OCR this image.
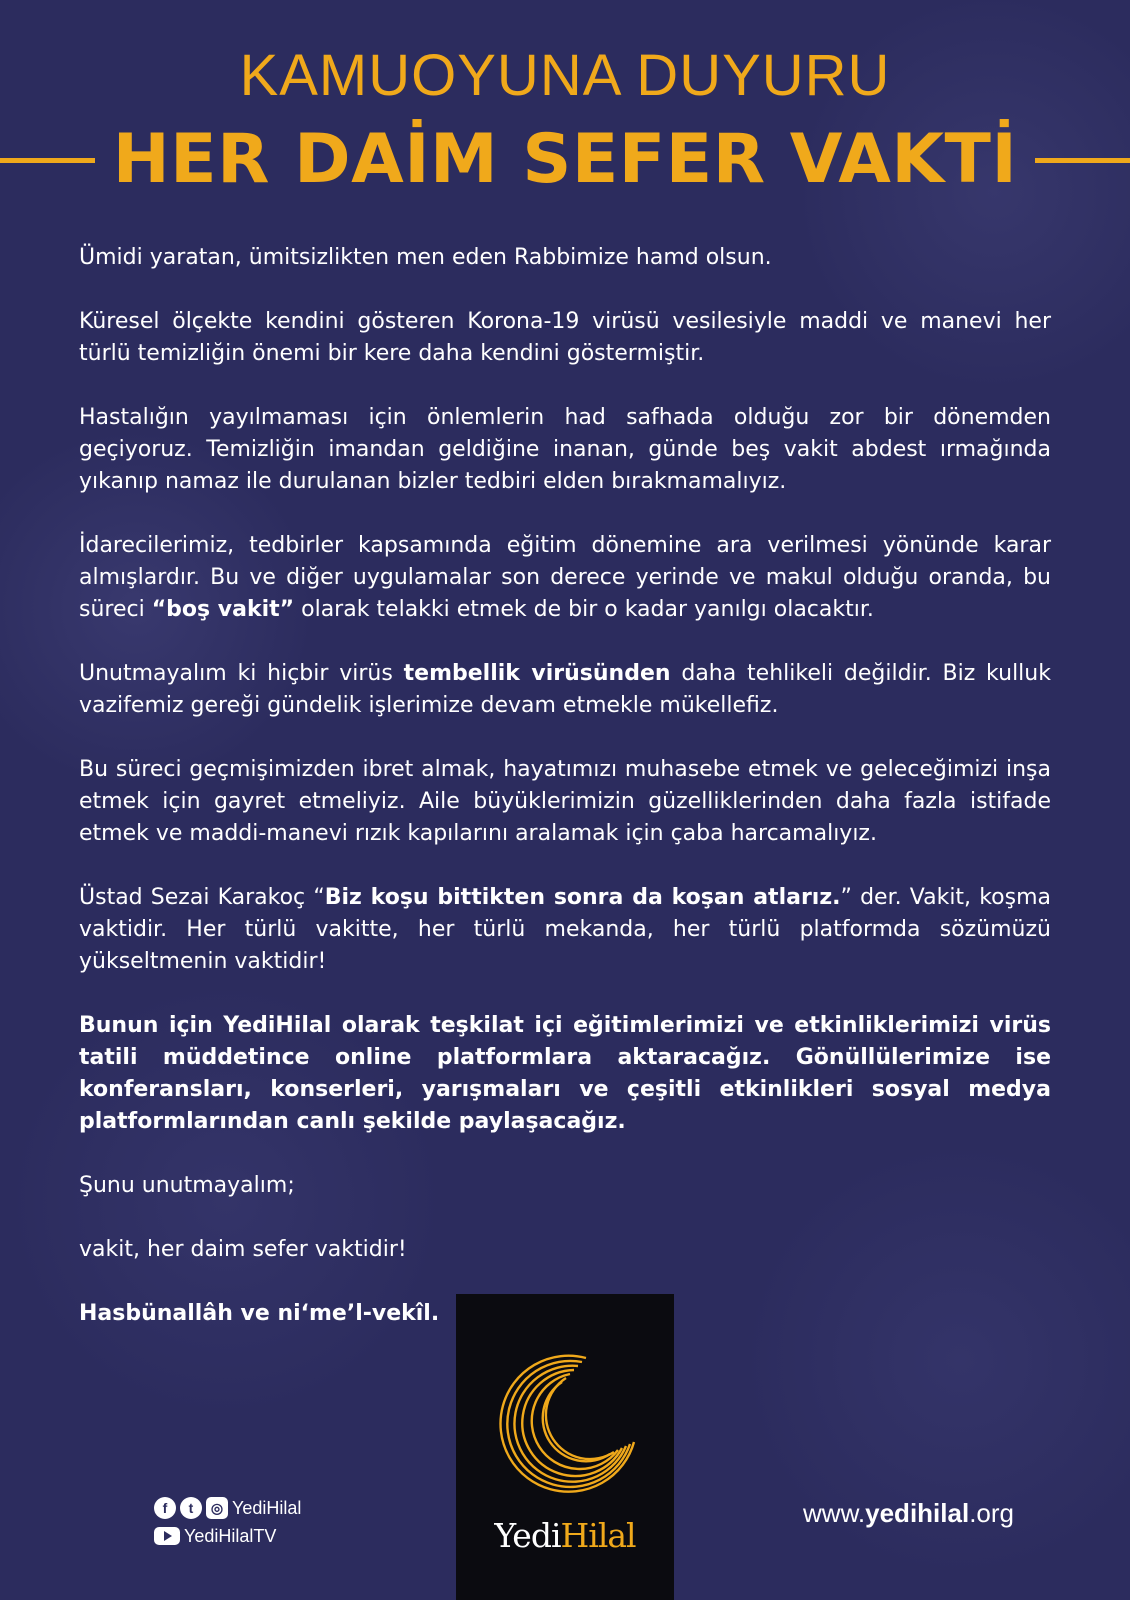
KAMUOYUNA DUYURU
HER DAİM SEFER VAKTİ

Ümidi yaratan, ümitsizlikten men eden Rabbimize hamd olsun.

Küresel ölçekte kendini gösteren Korona-19 virüsü vesilesiyle maddi ve manevi her türlü temizliğin önemi bir kere daha kendini göstermiştir.

Hastalığın yayılmaması için önlemlerin had safhada olduğu zor bir dönemden geçiyoruz. Temizliğin imandan geldiğine inanan, günde beş vakit abdest ırmağında yıkanıp namaz ile durulanan bizler tedbiri elden bırakmamalıyız.

İdarecilerimiz, tedbirler kapsamında eğitim dönemine ara verilmesi yönünde karar almışlardır. Bu ve diğer uygulamalar son derece yerinde ve makul olduğu oranda, bu süreci “boş vakit” olarak telakki etmek de bir o kadar yanılgı olacaktır.

Unutmayalım ki hiçbir virüs tembellik virüsünden daha tehlikeli değildir. Biz kulluk vazifemiz gereği gündelik işlerimize devam etmekle mükellefiz.

Bu süreci geçmişimizden ibret almak, hayatımızı muhasebe etmek ve geleceğimizi inşa etmek için gayret etmeliyiz. Aile büyüklerimizin güzelliklerinden daha fazla istifade etmek ve maddi-manevi rızık kapılarını aralamak için çaba harcamalıyız.

Üstad Sezai Karakoç “Biz koşu bittikten sonra da koşan atlarız.” der. Vakit, koşma vaktidir. Her türlü vakitte, her türlü mekanda, her türlü platformda sözümüzü yükseltmenin vaktidir!

Bunun için YediHilal olarak teşkilat içi eğitimlerimizi ve etkinliklerimizi virüs tatili müddetince online platformlara aktaracağız. Gönüllülerimize ise konferansları, konserleri, yarışmaları ve çeşitli etkinlikleri sosyal medya platformlarından canlı şekilde paylaşacağız.

Şunu unutmayalım;

vakit, her daim sefer vaktidir!

Hasbünallâh ve ni‘me’l-vekîl.

YediHilal
f	t	◎ YediHilal
YediHilalTV
www.yedihilal.org
